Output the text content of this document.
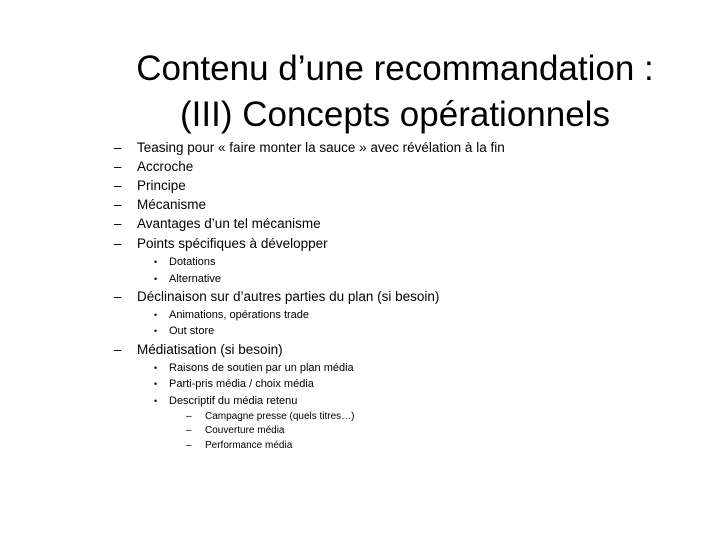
Contenu d’une recommandation :
(III) Concepts opérationnels
– Teasing pour « faire monter la sauce » avec révélation à la fin
– Accroche
– Principe
– Mécanisme
– Avantages d’un tel mécanisme
– Points spécifiques à développer
• Dotations
• Alternative
– Déclinaison sur d’autres parties du plan (si besoin)
• Animations, opérations trade
• Out store
– Médiatisation (si besoin)
• Raisons de soutien par un plan média
• Parti-pris média / choix média
• Descriptif du média retenu
– Campagne presse (quels titres…)
– Couverture média
– Performance média
